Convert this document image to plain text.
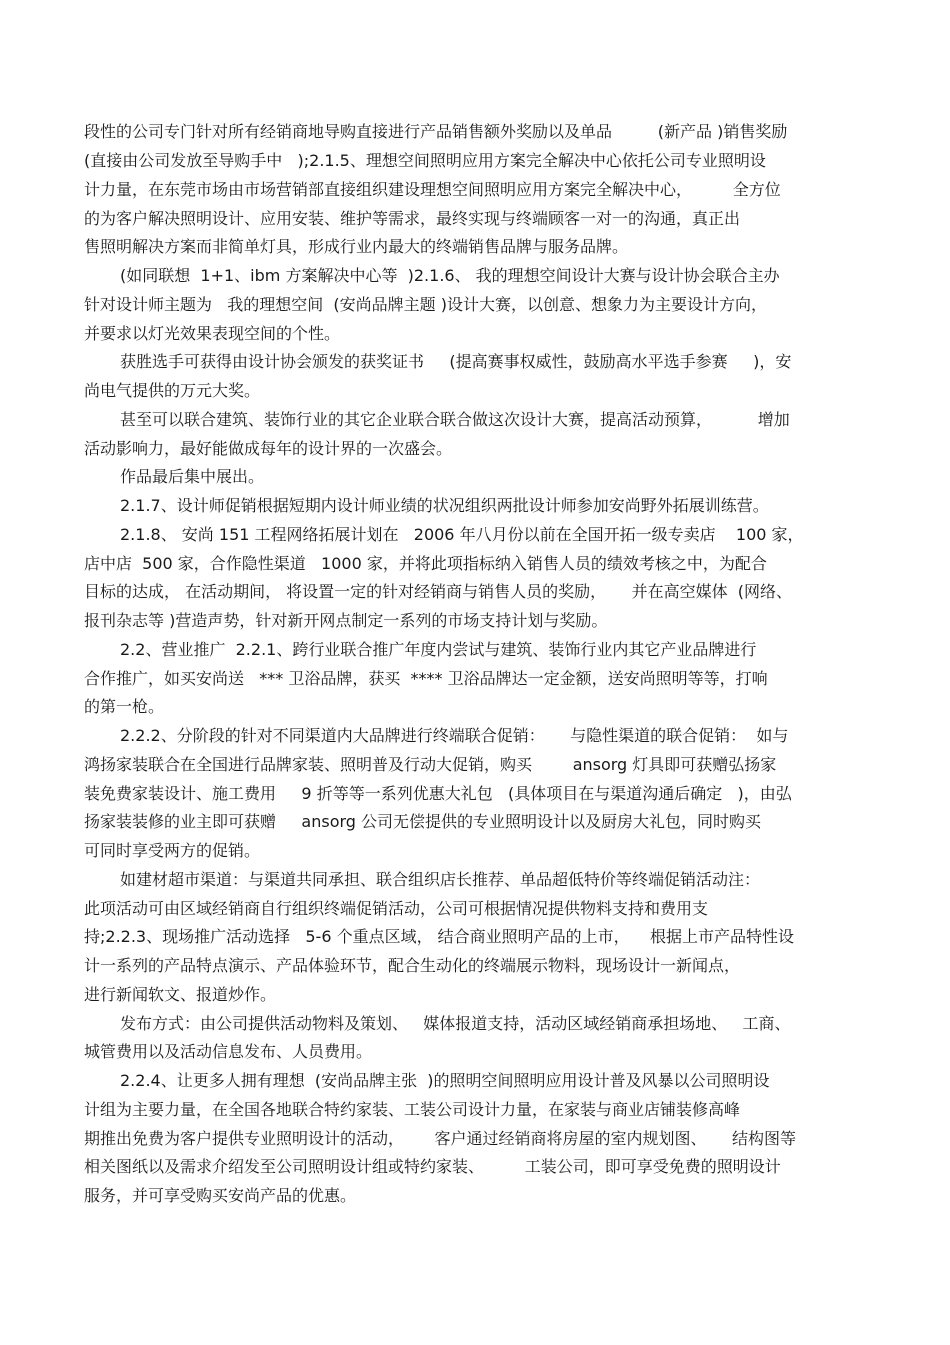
段性的公司专门针对所有经销商地导购直接进行产品销售额外奖励以及单品         (新产品 )销售奖励
(直接由公司发放至导购手中   );2.1.5、理想空间照明应用方案完全解决中心依托公司专业照明设
计力量，在东莞市场由市场营销部直接组织建设理想空间照明应用方案完全解决中心，        全方位
的为客户解决照明设计、应用安装、维护等需求，最终实现与终端顾客一对一的沟通，真正出
售照明解决方案而非简单灯具，形成行业内最大的终端销售品牌与服务品牌。
(如同联想  1+1、ibm 方案解决中心等  )2.1.6、 我的理想空间设计大赛与设计协会联合主办
针对设计师主题为   我的理想空间  (安尚品牌主题 )设计大赛，以创意、想象力为主要设计方向，
并要求以灯光效果表现空间的个性。
获胜选手可获得由设计协会颁发的获奖证书     (提高赛事权威性，鼓励高水平选手参赛     )，安
尚电气提供的万元大奖。
甚至可以联合建筑、装饰行业的其它企业联合联合做这次设计大赛，提高活动预算，         增加
活动影响力，最好能做成每年的设计界的一次盛会。
作品最后集中展出。
2.1.7、设计师促销根据短期内设计师业绩的状况组织两批设计师参加安尚野外拓展训练营。
2.1.8、 安尚 151 工程网络拓展计划在   2006 年八月份以前在全国开拓一级专卖店    100 家，
店中店  500 家，合作隐性渠道   1000 家，并将此项指标纳入销售人员的绩效考核之中，为配合
目标的达成， 在活动期间， 将设置一定的针对经销商与销售人员的奖励，     并在高空媒体  (网络、
报刊杂志等 )营造声势，针对新开网点制定一系列的市场支持计划与奖励。
2.2、营业推广  2.2.1、跨行业联合推广年度内尝试与建筑、装饰行业内其它产业品牌进行
合作推广，如买安尚送   *** 卫浴品牌，获买  **** 卫浴品牌达一定金额，送安尚照明等等，打响
的第一枪。
2.2.2、分阶段的针对不同渠道内大品牌进行终端联合促销：     与隐性渠道的联合促销：  如与
鸿扬家装联合在全国进行品牌家装、照明普及行动大促销，购买        ansorg 灯具即可获赠弘扬家
装免费家装设计、施工费用     9 折等等一系列优惠大礼包   (具体项目在与渠道沟通后确定   )，由弘
扬家装装修的业主即可获赠     ansorg 公司无偿提供的专业照明设计以及厨房大礼包，同时购买
可同时享受两方的促销。
如建材超市渠道：与渠道共同承担、联合组织店长推荐、单品超低特价等终端促销活动注：
此项活动可由区域经销商自行组织终端促销活动，公司可根据情况提供物料支持和费用支
持;2.2.3、现场推广活动选择   5-6 个重点区域， 结合商业照明产品的上市，    根据上市产品特性设
计一系列的产品特点演示、产品体验环节，配合生动化的终端展示物料，现场设计一新闻点，
进行新闻软文、报道炒作。
发布方式：由公司提供活动物料及策划、   媒体报道支持，活动区域经销商承担场地、   工商、
城管费用以及活动信息发布、人员费用。
2.2.4、让更多人拥有理想  (安尚品牌主张  )的照明空间照明应用设计普及风暴以公司照明设
计组为主要力量，在全国各地联合特约家装、工装公司设计力量，在家装与商业店铺装修高峰
期推出免费为客户提供专业照明设计的活动，      客户通过经销商将房屋的室内规划图、     结构图等
相关图纸以及需求介绍发至公司照明设计组或特约家装、        工装公司，即可享受免费的照明设计
服务，并可享受购买安尚产品的优惠。
